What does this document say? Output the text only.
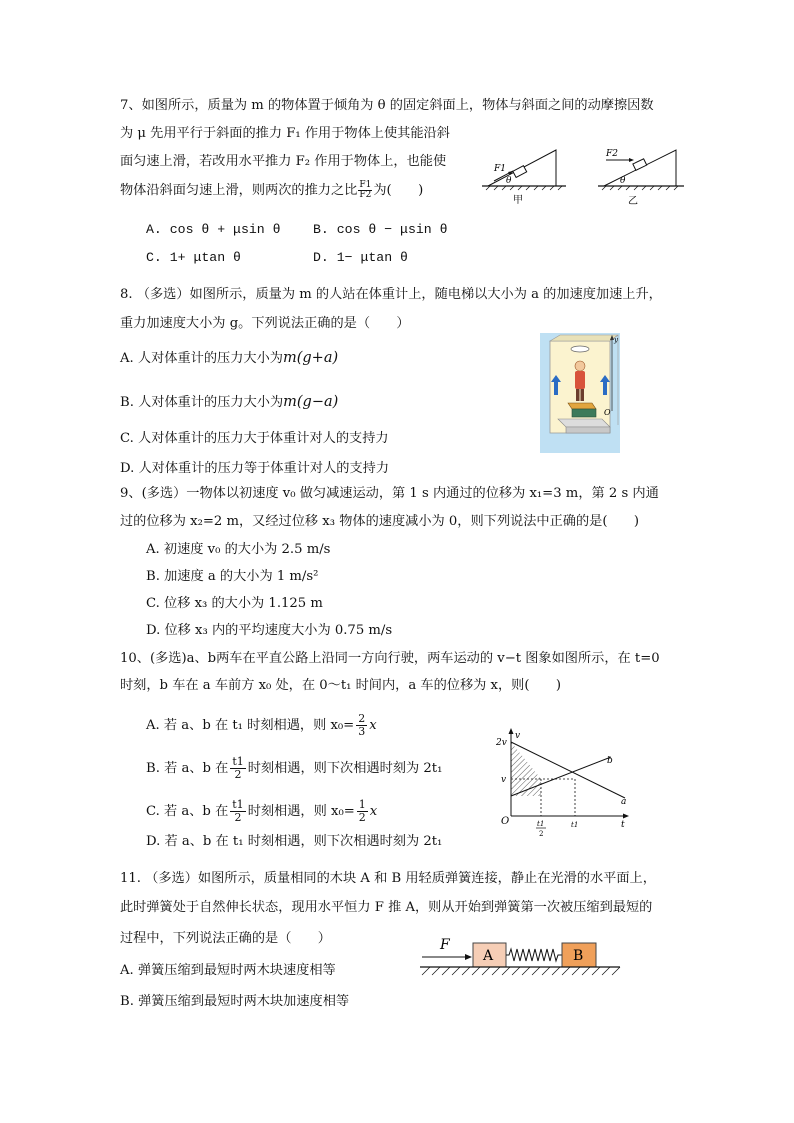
7、如图所示，质量为 m 的物体置于倾角为 θ 的固定斜面上，物体与斜面之间的动摩擦因数
为 μ 先用平行于斜面的推力 F₁ 作用于物体上使其能沿斜
面匀速上滑，若改用水平推力 F₂ 作用于物体上，也能使
物体沿斜面匀速上滑，则两次的推力之比 $\frac{F1}{F2}$ 为(　　)
A. cos θ + μsin θ B. cos θ − μsin θ
C. 1+ μtan θ	D. 1− μtan θ
F1
θ
甲
F2
θ
乙
8. （多选）如图所示，质量为 m 的人站在体重计上，随电梯以大小为 a 的加速度加速上升，
重力加速度大小为 g。下列说法正确的是（　　）
A. 人对体重计的压力大小为m(g+a)
B. 人对体重计的压力大小为m(g−a)
C. 人对体重计的压力大于体重计对人的支持力
D. 人对体重计的压力等于体重计对人的支持力
y
O
9、(多选）一物体以初速度 v₀ 做匀减速运动，第 1 s 内通过的位移为 x₁=3 m，第 2 s 内通
过的位移为 x₂=2 m，又经过位移 x₃ 物体的速度减小为 0，则下列说法中正确的是(　　)
A. 初速度 v₀ 的大小为 2.5 m/s
B. 加速度 a 的大小为 1 m/s²
C. 位移 x₃ 的大小为 1.125 m
D. 位移 x₃ 内的平均速度大小为 0.75 m/s
10、(多选)a、b两车在平直公路上沿同一方向行驶，两车运动的 v−t 图象如图所示，在 t=0
时刻，b 车在 a 车前方 x₀ 处，在 0～t₁ 时间内，a 车的位移为 x，则(　　)
A. 若 a、b 在 t₁ 时刻相遇，则 $x_0= \frac{2}{3}$ x
B. 若 a、b 在 $\frac{t1}{2}$ 时刻相遇，则下次相遇时刻为 2t₁
C. 若 a、b 在 $\frac{t1}{2}$ 时刻相遇，则 $x_0= \frac{1}{2}$ x
D. 若 a、b 在 t₁ 时刻相遇，则下次相遇时刻为 2t₁
v
t
2v
v
O	t1
2
t1
a
b
11. （多选）如图所示，质量相同的木块 A 和 B 用轻质弹簧连接，静止在光滑的水平面上，
此时弹簧处于自然伸长状态，现用水平恒力 F 推 A，则从开始到弹簧第一次被压缩到最短的
过程中，下列说法正确的是（　　）
A. 弹簧压缩到最短时两木块速度相等
B. 弹簧压缩到最短时两木块加速度相等
F
A	B
